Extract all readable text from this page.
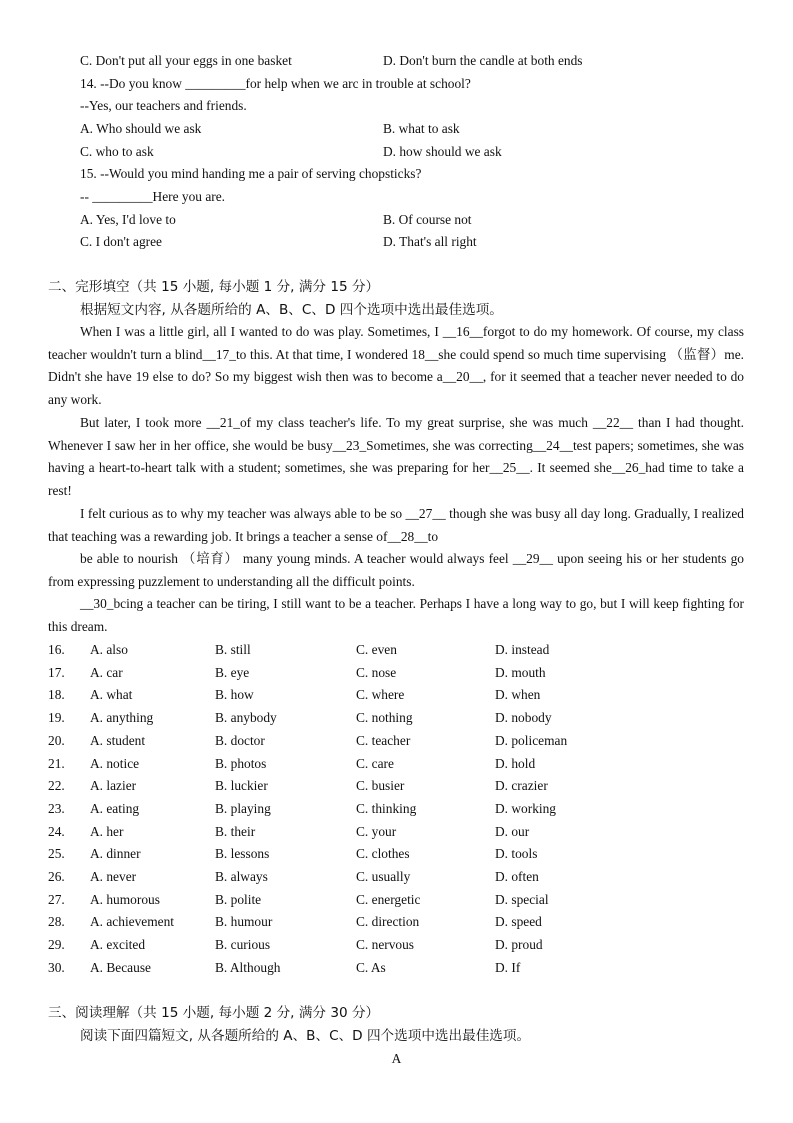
C. Don't put all your eggs in one basket	D. Don't burn the candle at both ends
14. --Do you know _________for help when we arc in trouble at school?
--Yes, our teachers and friends.
A. Who should we ask	B. what to ask
C. who to ask	D. how should we ask
15. --Would you mind handing me a pair of serving chopsticks?
-- _________Here you are.
A. Yes, I'd love to	B. Of course not
C. I don't agree	D. That's all right
二、完形填空（共 15 小题, 每小题 1 分, 满分 15 分）
根据短文内容, 从各题所给的 A、B、C、D 四个选项中选出最佳选项。
When I was a little girl, all I wanted to do was play. Sometimes, I __16__forgot to do my homework. Of course, my class teacher wouldn't turn a blind__17_to this. At that time, I wondered 18__she could spend so much time supervising （监督）me. Didn't she have 19 else to do? So my biggest wish then was to become a__20__, for it seemed that a teacher never needed to do any work.
But later, I took more __21_of my class teacher's life. To my great surprise, she was much __22__ than I had thought. Whenever I saw her in her office, she would be busy__23_Sometimes, she was correcting__24__test papers; sometimes, she was having a heart-to-heart talk with a student; sometimes, she was preparing for her__25__. It seemed she__26_had time to take a rest!
I felt curious as to why my teacher was always able to be so __27__ though she was busy all day long. Gradually, I realized that teaching was a rewarding job. It brings a teacher a sense of__28__to
be able to nourish （培育） many young minds. A teacher would always feel __29__ upon seeing his or her students go from expressing puzzlement to understanding all the difficult points.
__30_bcing a teacher can be tiring, I still want to be a teacher. Perhaps I have a long way to go, but I will keep fighting for this dream.
16. A. also	B. still	C. even	D. instead
17. A. car	B. eye	C. nose	D. mouth
18. A. what	B. how	C. where	D. when
19. A. anything	B. anybody	C. nothing	D. nobody
20. A. student	B. doctor	C. teacher	D. policeman
21. A. notice	B. photos	C. care	D. hold
22. A. lazier	B. luckier	C. busier	D. crazier
23. A. eating	B. playing	C. thinking	D. working
24. A. her	B. their	C. your	D. our
25. A. dinner	B. lessons	C. clothes	D. tools
26. A. never	B. always	C. usually	D. often
27. A. humorous	B. polite	C. energetic	D. special
28. A. achievement	B. humour	C. direction	D. speed
29. A. excited	B. curious	C. nervous	D. proud
30. A. Because	B. Although	C. As	D. If
三、阅读理解（共 15 小题, 每小题 2 分, 满分 30 分）
阅读下面四篇短文, 从各题所给的 A、B、C、D 四个选项中选出最佳选项。
A
